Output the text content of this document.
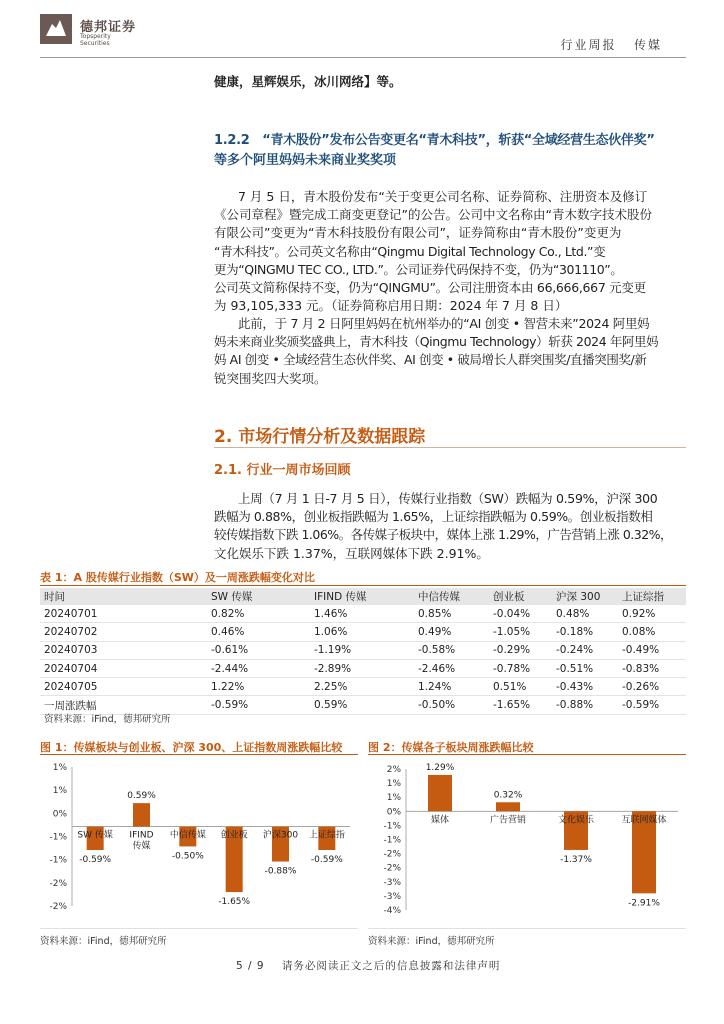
德邦证券
Topsperity Securities	行业周报 传媒
健康，星辉娱乐，冰川网络】等。
1.2.2　“青木股份”发布公告变更名“青木科技”，斩获“全域经营生态伙伴奖”
等多个阿里妈妈未来商业奖奖项
7 月 5 日，青木股份发布“关于变更公司名称、证券简称、注册资本及修订
《公司章程》暨完成工商变更登记”的公告。公司中文名称由“青木数字技术股份
有限公司”变更为“青木科技股份有限公司”，证券简称由“青木股份”变更为
“青木科技”。公司英文名称由“Qingmu Digital Technology Co., Ltd.”变
更为“QINGMU TEC CO., LTD.”。公司证券代码保持不变，仍为“301110”。
公司英文简称保持不变，仍为“QINGMU”。公司注册资本由 66,666,667 元变更
为 93,105,333 元。（证券简称启用日期：2024 年 7 月 8 日）
此前，于 7 月 2 日阿里妈妈在杭州举办的“AI 创变 • 智营未来”2024 阿里妈
妈未来商业奖颁奖盛典上，青木科技（Qingmu Technology）斩获 2024 年阿里妈
妈 AI 创变 • 全域经营生态伙伴奖、AI 创变 • 破局增长人群突围奖/直播突围奖/新
锐突围奖四大奖项。
2. 市场行情分析及数据跟踪
2.1. 行业一周市场回顾
上周（7 月 1 日-7 月 5 日），传媒行业指数（SW）跌幅为 0.59%，沪深 300
跌幅为 0.88%，创业板指跌幅为 1.65%，上证综指跌幅为 0.59%。创业板指数相
较传媒指数下跌 1.06%。各传媒子板块中，媒体上涨 1.29%，广告营销上涨 0.32%，
文化娱乐下跌 1.37%，互联网媒体下跌 2.91%。
表 1：A 股传媒行业指数（SW）及一周涨跌幅变化对比
时间	SW 传媒	IFIND 传媒	中信传媒	创业板	沪深 300	上证综指
20240701	0.82%	1.46%	0.85%	-0.04%	0.48%	0.92%
20240702	0.46%	1.06%	0.49%	-1.05%	-0.18%	0.08%
20240703	-0.61%	-1.19%	-0.58%	-0.29%	-0.24%	-0.49%
20240704	-2.44%	-2.89%	-2.46%	-0.78%	-0.51%	-0.83%
20240705	1.22%	2.25%	1.24%	0.51%	-0.43%	-0.26%
一周涨跌幅	-0.59%	0.59%	-0.50%	-1.65%	-0.88%	-0.59%
资料来源：iFind，德邦研究所
图 1：传媒板块与创业板、沪深 300、上证指数周涨跌幅比较
1%
1%
0%
-1%
-1%
-2%
-2%
-0.59%
SW 传媒
0.59%
IFIND
传媒
-0.50%
中信传媒
-1.65%
创业板
-0.88%
沪深300
-0.59%
上证综指
资料来源：iFind，德邦研究所
图 2：传媒各子板块周涨跌幅比较
2%
1%
1%
0%
-1%
-1%
-2%
-2%
-3%
-3%
-4%
1.29%
媒体
0.32%
广告营销
-1.37%
文化娱乐
-2.91%
互联网媒体
资料来源：iFind，德邦研究所
5 / 9 请务必阅读正文之后的信息披露和法律声明
